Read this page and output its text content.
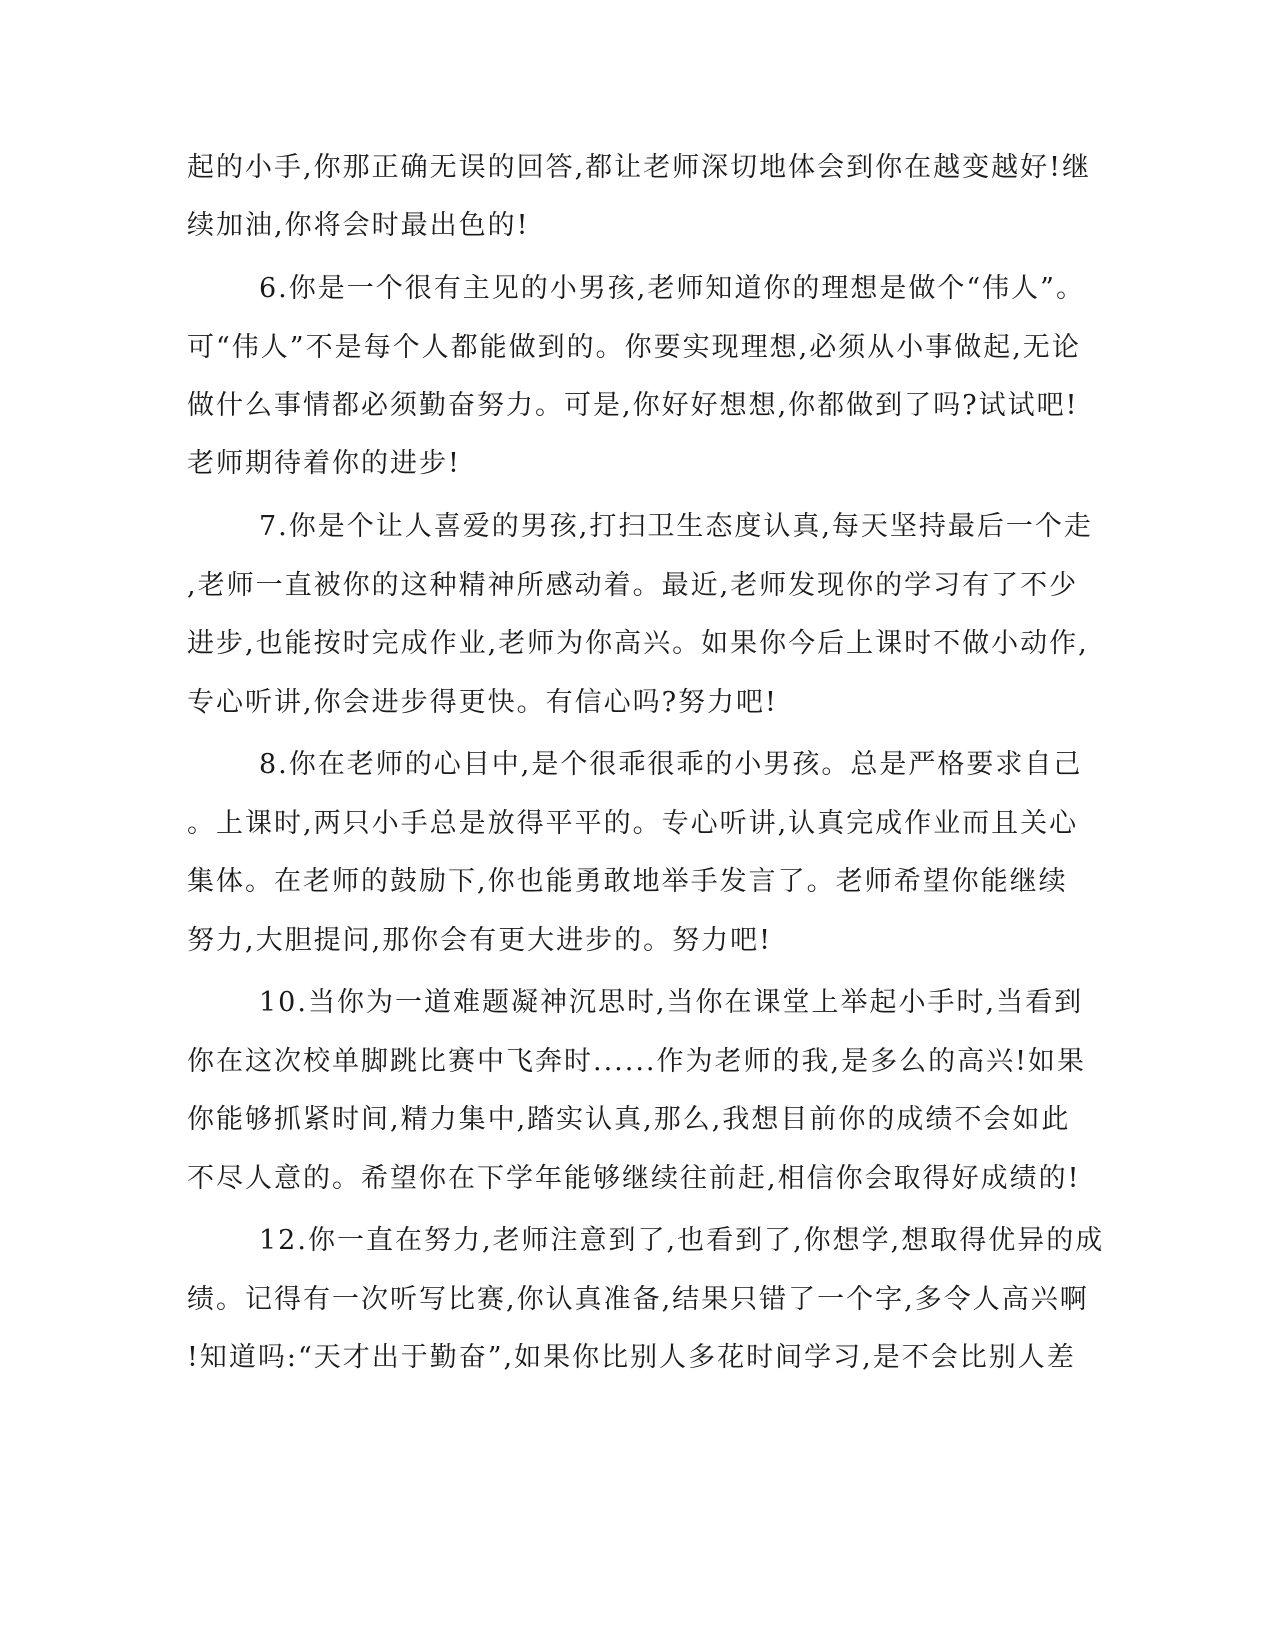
起的小手,你那正确无误的回答,都让老师深切地体会到你在越变越好!继
续加油,你将会时最出色的!
6.你是一个很有主见的小男孩,老师知道你的理想是做个“伟人”。
可“伟人”不是每个人都能做到的。你要实现理想,必须从小事做起,无论
做什么事情都必须勤奋努力。可是,你好好想想,你都做到了吗?试试吧!
老师期待着你的进步!
7.你是个让人喜爱的男孩,打扫卫生态度认真,每天坚持最后一个走
,老师一直被你的这种精神所感动着。最近,老师发现你的学习有了不少
进步,也能按时完成作业,老师为你高兴。如果你今后上课时不做小动作,
专心听讲,你会进步得更快。有信心吗?努力吧!
8.你在老师的心目中,是个很乖很乖的小男孩。总是严格要求自己
。上课时,两只小手总是放得平平的。专心听讲,认真完成作业而且关心
集体。在老师的鼓励下,你也能勇敢地举手发言了。老师希望你能继续
努力,大胆提问,那你会有更大进步的。努力吧!
10.当你为一道难题凝神沉思时,当你在课堂上举起小手时,当看到
你在这次校单脚跳比赛中飞奔时......作为老师的我,是多么的高兴!如果
你能够抓紧时间,精力集中,踏实认真,那么,我想目前你的成绩不会如此
不尽人意的。希望你在下学年能够继续往前赶,相信你会取得好成绩的!
12.你一直在努力,老师注意到了,也看到了,你想学,想取得优异的成
绩。记得有一次听写比赛,你认真准备,结果只错了一个字,多令人高兴啊
!知道吗:“天才出于勤奋”,如果你比别人多花时间学习,是不会比别人差
